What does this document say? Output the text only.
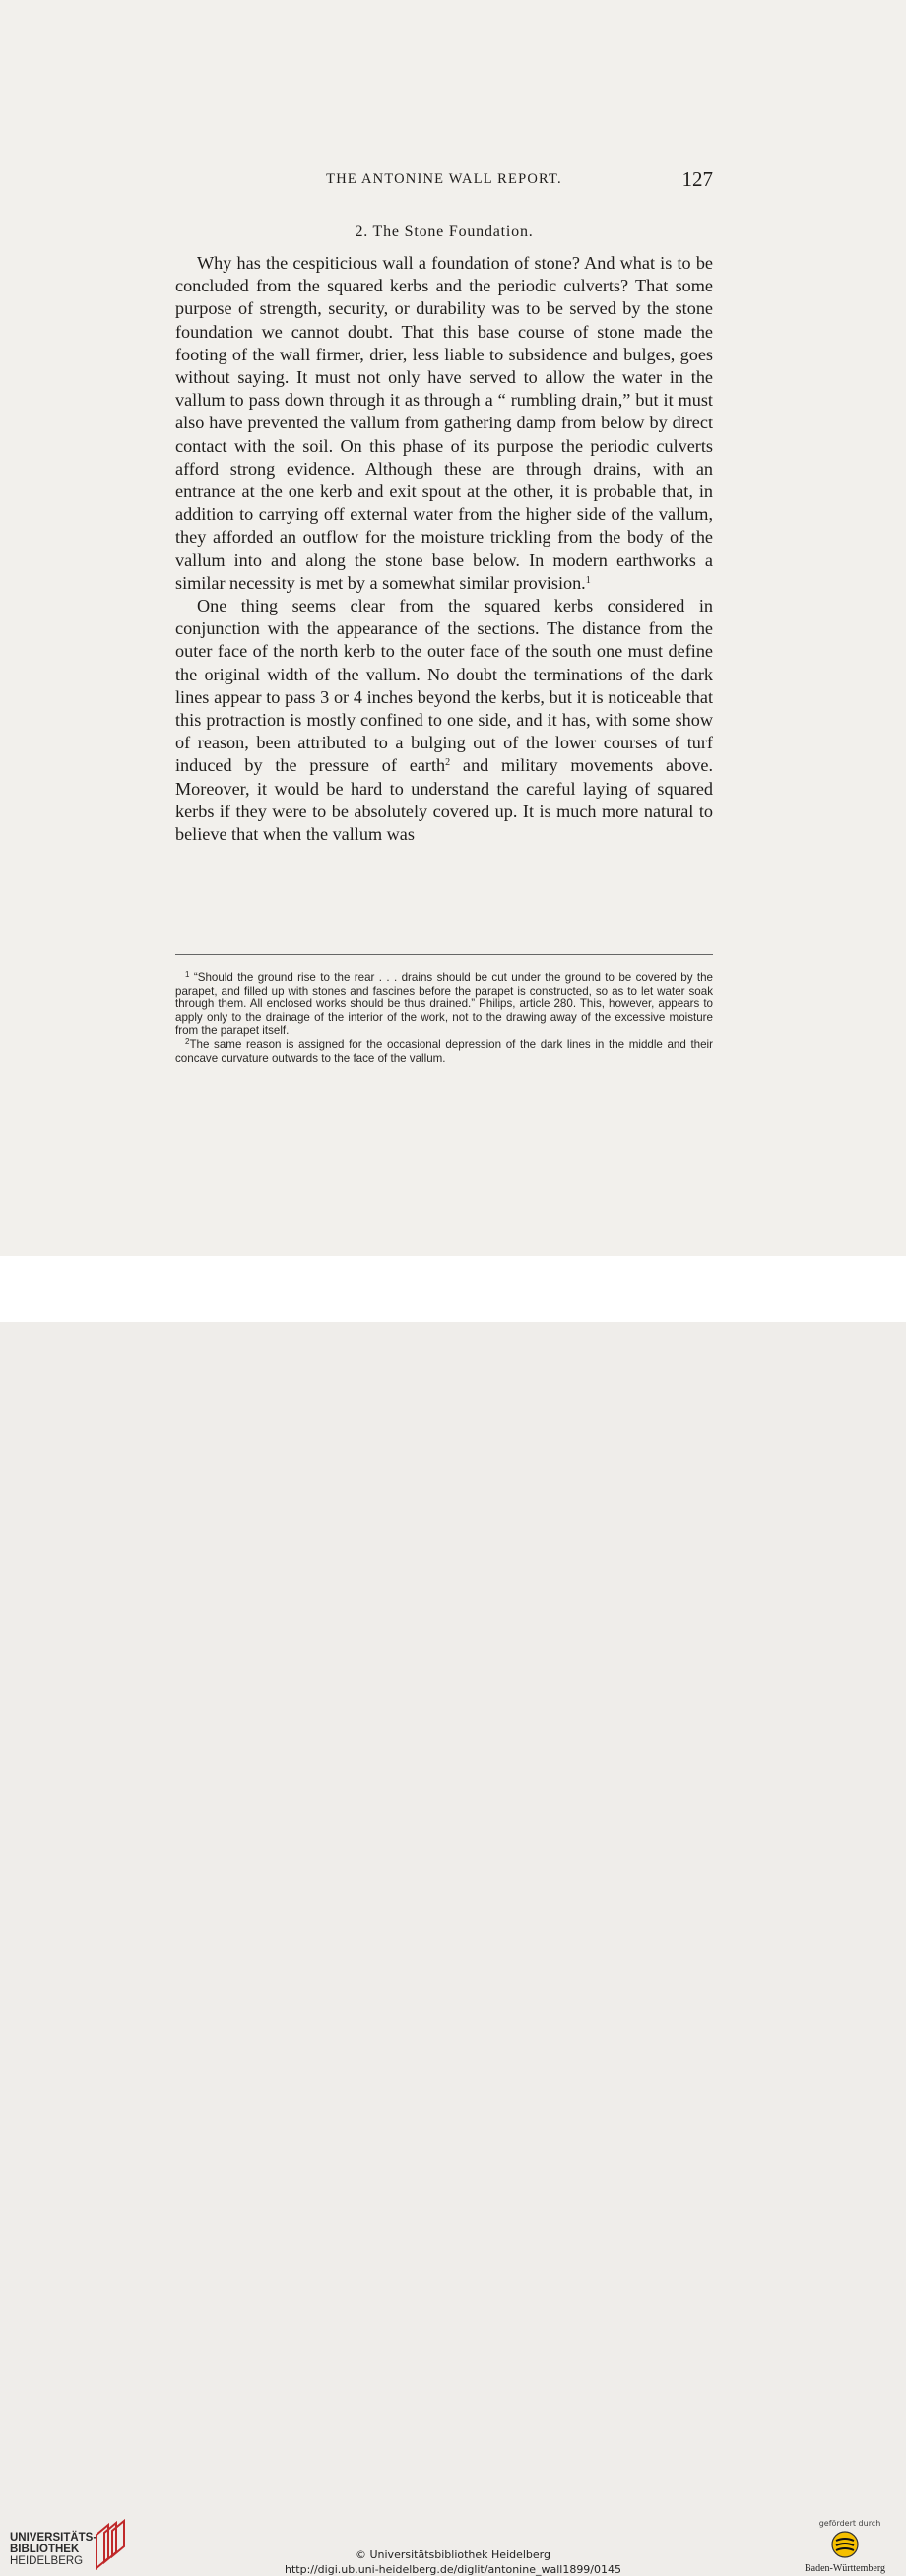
THE ANTONINE WALL REPORT.	127
2. The Stone Foundation.

Why has the cespiticious wall a foundation of stone? And what is to be concluded from the squared kerbs and the periodic culverts? That some purpose of strength, security, or durability was to be served by the stone foundation we cannot doubt. That this base course of stone made the footing of the wall firmer, drier, less liable to subsidence and bulges, goes without saying. It must not only have served to allow the water in the vallum to pass down through it as through a “ rumbling drain,” but it must also have prevented the vallum from gathering damp from below by direct contact with the soil. On this phase of its purpose the periodic culverts afford strong evidence. Although these are through drains, with an entrance at the one kerb and exit spout at the other, it is probable that, in addition to carrying off external water from the higher side of the vallum, they afforded an outflow for the moisture trickling from the body of the vallum into and along the stone base below. In modern earthworks a similar necessity is met by a somewhat similar provision.$^1$

One thing seems clear from the squared kerbs considered in conjunction with the appearance of the sections. The distance from the outer face of the north kerb to the outer face of the south one must define the original width of the vallum. No doubt the terminations of the dark lines appear to pass 3 or 4 inches beyond the kerbs, but it is noticeable that this protraction is mostly confined to one side, and it has, with some show of reason, been attributed to a bulging out of the lower courses of turf induced by the pressure of earth$^2$ and military movements above. Moreover, it would be hard to understand the careful laying of squared kerbs if they were to be absolutely covered up. It is much more natural to believe that when the vallum was

$^1$ “Should the ground rise to the rear . . . drains should be cut under the ground to be covered by the parapet, and filled up with stones and fascines before the parapet is constructed, so as to let water soak through them. All enclosed works should be thus drained.” Philips, article 280. This, however, appears to apply only to the drainage of the interior of the work, not to the drawing away of the excessive moisture from the parapet itself.

$^2$The same reason is assigned for the occasional depression of the dark lines in the middle and their concave curvature outwards to the face of the vallum.

UNIVERSITÄTS-
BIBLIOTHEK
HEIDELBERG	© Universitätsbibliothek Heidelberg
http://digi.ub.uni-heidelberg.de/diglit/antonine_wall1899/0145
gefördert durch
Baden-Württemberg
